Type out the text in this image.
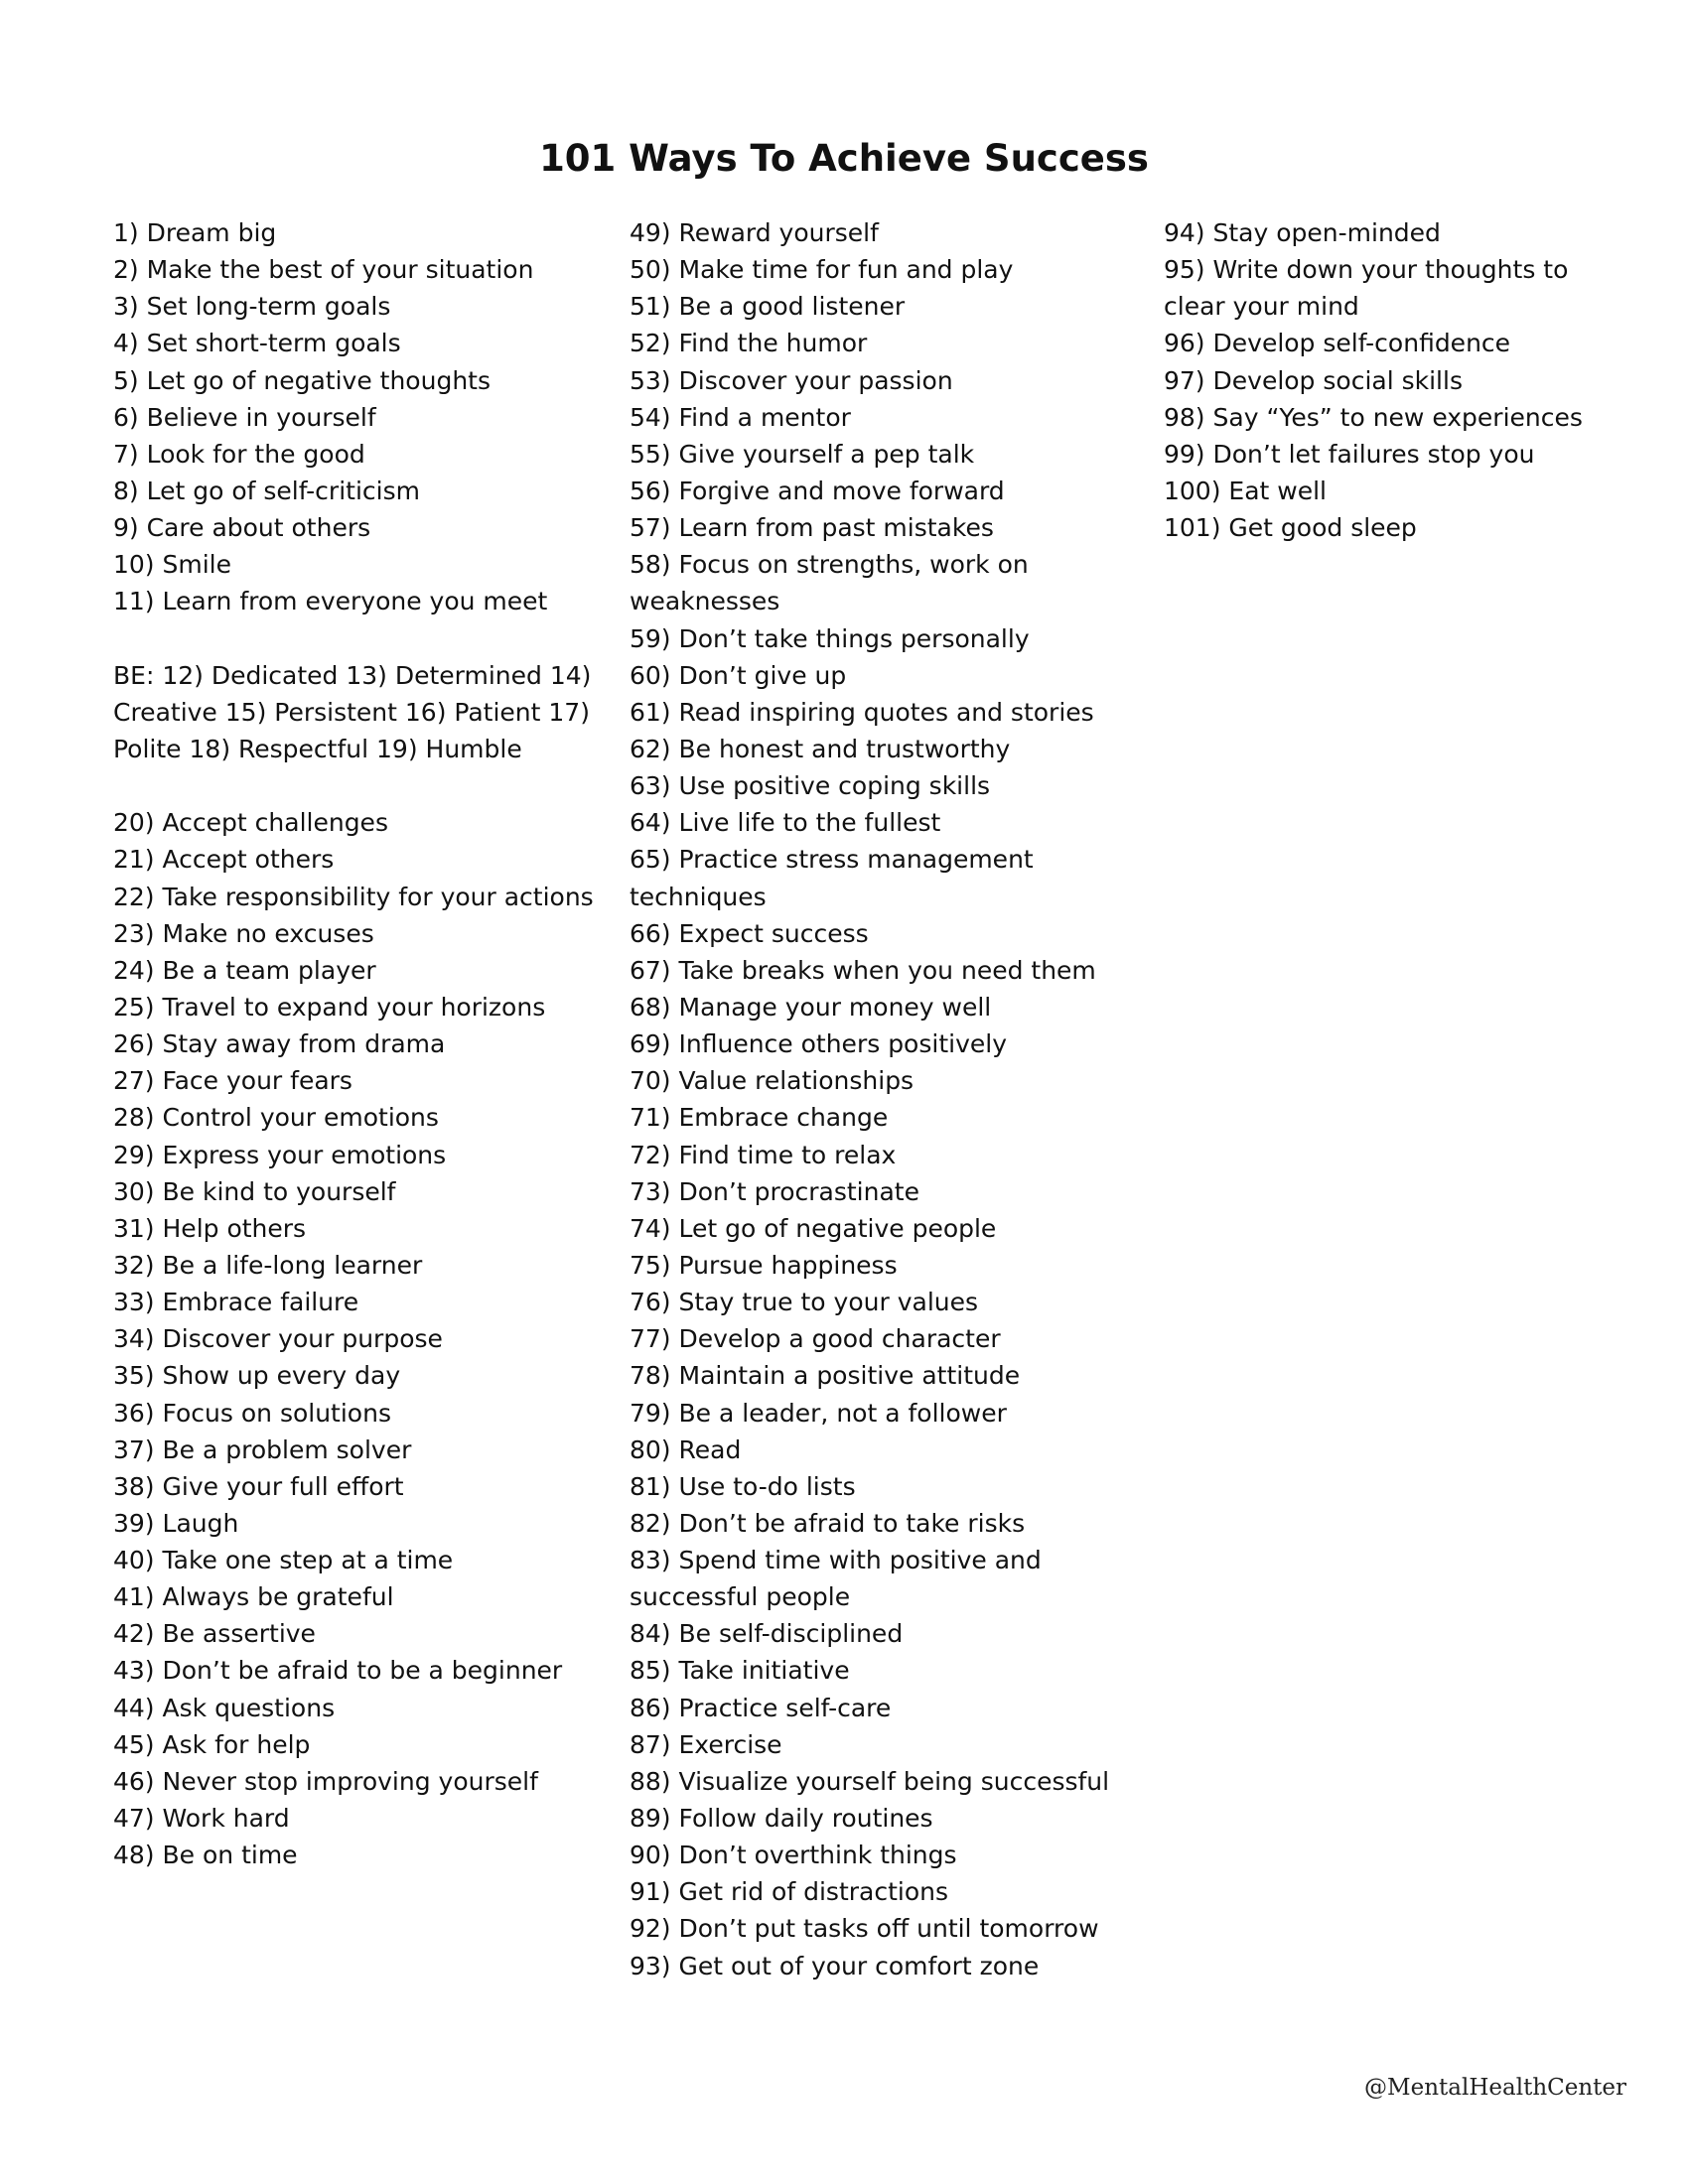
101 Ways To Achieve Success
1) Dream big
2) Make the best of your situation
3) Set long-term goals
4) Set short-term goals
5) Let go of negative thoughts
6) Believe in yourself
7) Look for the good
8) Let go of self-criticism
9) Care about others
10) Smile
11) Learn from everyone you meet
BE: 12) Dedicated 13) Determined 14)
Creative 15) Persistent 16) Patient 17)
Polite 18) Respectful 19) Humble
20) Accept challenges
21) Accept others
22) Take responsibility for your actions
23) Make no excuses
24) Be a team player
25) Travel to expand your horizons
26) Stay away from drama
27) Face your fears
28) Control your emotions
29) Express your emotions
30) Be kind to yourself
31) Help others
32) Be a life-long learner
33) Embrace failure
34) Discover your purpose
35) Show up every day
36) Focus on solutions
37) Be a problem solver
38) Give your full effort
39) Laugh
40) Take one step at a time
41) Always be grateful
42) Be assertive
43) Don’t be afraid to be a beginner
44) Ask questions
45) Ask for help
46) Never stop improving yourself
47) Work hard
48) Be on time
49) Reward yourself
50) Make time for fun and play
51) Be a good listener
52) Find the humor
53) Discover your passion
54) Find a mentor
55) Give yourself a pep talk
56) Forgive and move forward
57) Learn from past mistakes
58) Focus on strengths, work on
weaknesses
59) Don’t take things personally
60) Don’t give up
61) Read inspiring quotes and stories
62) Be honest and trustworthy
63) Use positive coping skills
64) Live life to the fullest
65) Practice stress management
techniques
66) Expect success
67) Take breaks when you need them
68) Manage your money well
69) Influence others positively
70) Value relationships
71) Embrace change
72) Find time to relax
73) Don’t procrastinate
74) Let go of negative people
75) Pursue happiness
76) Stay true to your values
77) Develop a good character
78) Maintain a positive attitude
79) Be a leader, not a follower
80) Read
81) Use to-do lists
82) Don’t be afraid to take risks
83) Spend time with positive and
successful people
84) Be self-disciplined
85) Take initiative
86) Practice self-care
87) Exercise
88) Visualize yourself being successful
89) Follow daily routines
90) Don’t overthink things
91) Get rid of distractions
92) Don’t put tasks off until tomorrow
93) Get out of your comfort zone
94) Stay open-minded
95) Write down your thoughts to
clear your mind
96) Develop self-confidence
97) Develop social skills
98) Say “Yes” to new experiences
99) Don’t let failures stop you
100) Eat well
101) Get good sleep
@MentalHealthCenter
